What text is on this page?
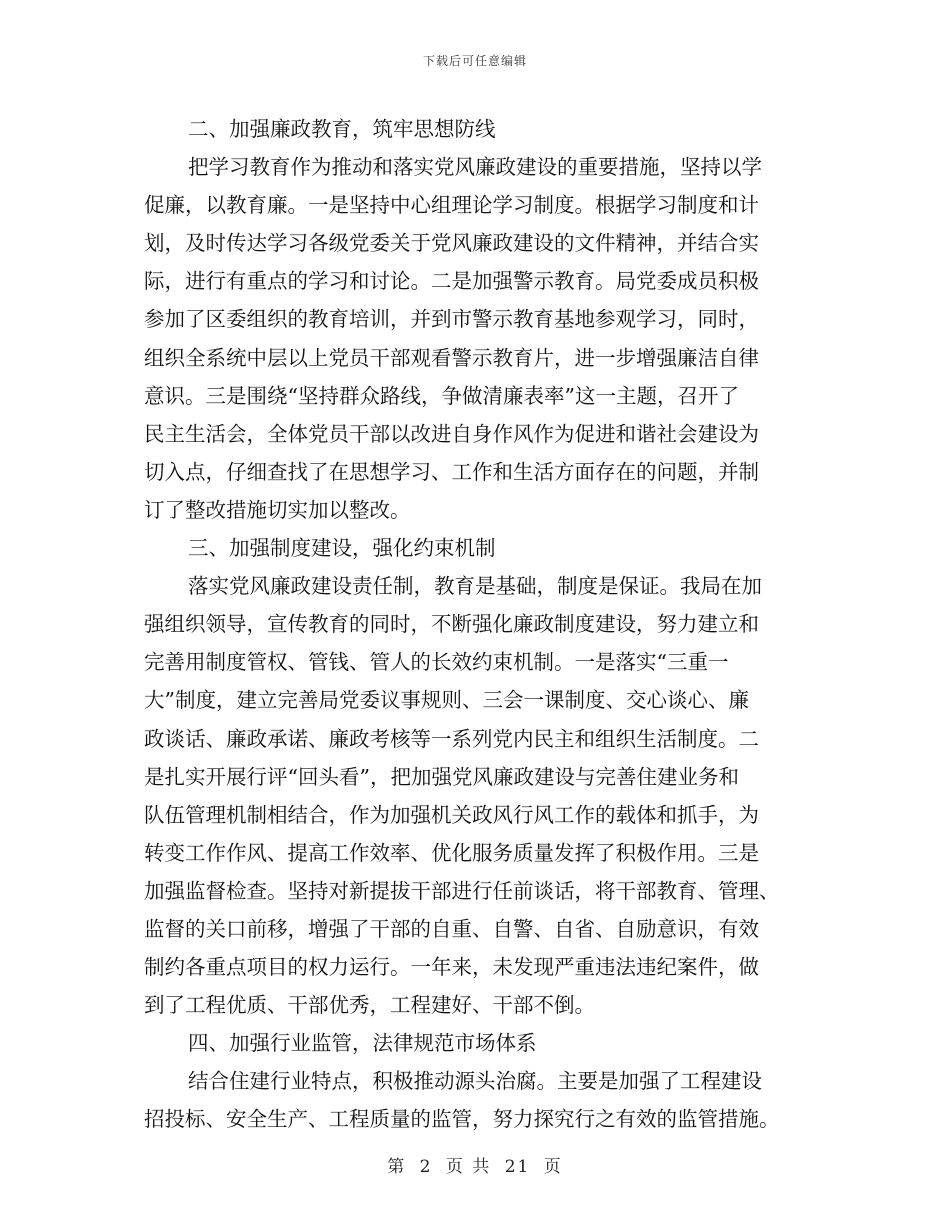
下载后可任意编辑
二、加强廉政教育，筑牢思想防线
把学习教育作为推动和落实党风廉政建设的重要措施，坚持以学
促廉，以教育廉。一是坚持中心组理论学习制度。根据学习制度和计
划，及时传达学习各级党委关于党风廉政建设的文件精神，并结合实
际，进行有重点的学习和讨论。二是加强警示教育。局党委成员积极
参加了区委组织的教育培训，并到市警示教育基地参观学习，同时，
组织全系统中层以上党员干部观看警示教育片，进一步增强廉洁自律
意识。三是围绕“坚持群众路线，争做清廉表率”这一主题，召开了
民主生活会，全体党员干部以改进自身作风作为促进和谐社会建设为
切入点，仔细查找了在思想学习、工作和生活方面存在的问题，并制
订了整改措施切实加以整改。
三、加强制度建设，强化约束机制
落实党风廉政建设责任制，教育是基础，制度是保证。我局在加
强组织领导，宣传教育的同时，不断强化廉政制度建设，努力建立和
完善用制度管权、管钱、管人的长效约束机制。一是落实“三重一
大”制度，建立完善局党委议事规则、三会一课制度、交心谈心、廉
政谈话、廉政承诺、廉政考核等一系列党内民主和组织生活制度。二
是扎实开展行评“回头看”，把加强党风廉政建设与完善住建业务和
队伍管理机制相结合，作为加强机关政风行风工作的载体和抓手，为
转变工作作风、提高工作效率、优化服务质量发挥了积极作用。三是
加强监督检查。坚持对新提拔干部进行任前谈话，将干部教育、管理、
监督的关口前移，增强了干部的自重、自警、自省、自励意识，有效
制约各重点项目的权力运行。一年来，未发现严重违法违纪案件，做
到了工程优质、干部优秀，工程建好、干部不倒。
四、加强行业监管，法律规范市场体系
结合住建行业特点，积极推动源头治腐。主要是加强了工程建设
招投标、安全生产、工程质量的监管，努力探究行之有效的监管措施。
第 2 页 共 21 页
